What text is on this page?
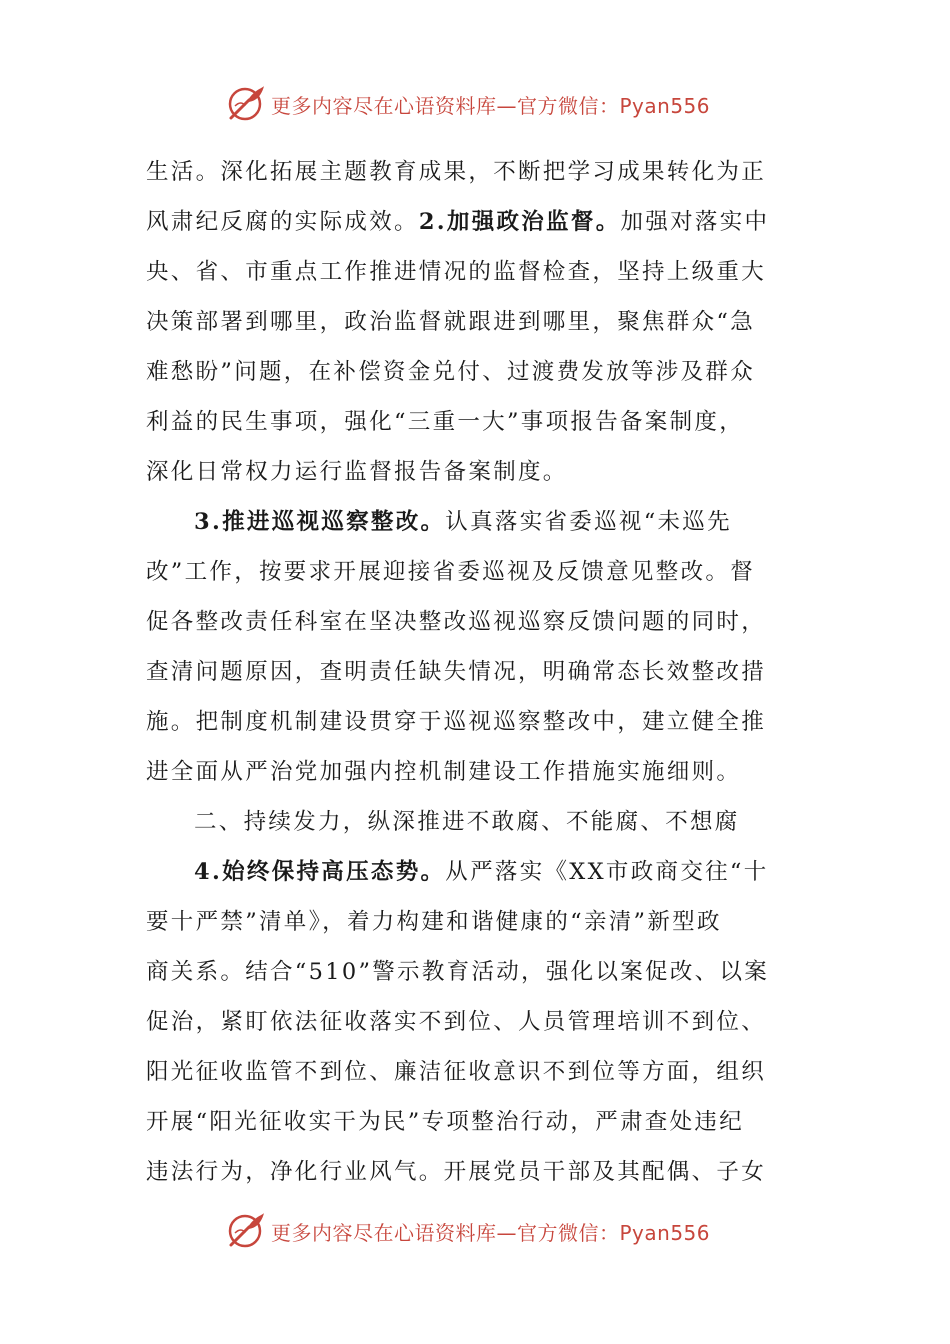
更多内容尽在心语资料库—官方微信：Pyan556
生活。深化拓展主题教育成果，不断把学习成果转化为正
风肃纪反腐的实际成效。2.加强政治监督。加强对落实中
央、省、市重点工作推进情况的监督检查，坚持上级重大
决策部署到哪里，政治监督就跟进到哪里，聚焦群众“急
难愁盼”问题，在补偿资金兑付、过渡费发放等涉及群众
利益的民生事项，强化“三重一大”事项报告备案制度，
深化日常权力运行监督报告备案制度。
3.推进巡视巡察整改。认真落实省委巡视“未巡先
改”工作，按要求开展迎接省委巡视及反馈意见整改。督
促各整改责任科室在坚决整改巡视巡察反馈问题的同时，
查清问题原因，查明责任缺失情况，明确常态长效整改措
施。把制度机制建设贯穿于巡视巡察整改中，建立健全推
进全面从严治党加强内控机制建设工作措施实施细则。
二、持续发力，纵深推进不敢腐、不能腐、不想腐
4.始终保持高压态势。从严落实《XX市政商交往“十
要十严禁”清单》，着力构建和谐健康的“亲清”新型政
商关系。结合“510”警示教育活动，强化以案促改、以案
促治，紧盯依法征收落实不到位、人员管理培训不到位、
阳光征收监管不到位、廉洁征收意识不到位等方面，组织
开展“阳光征收实干为民”专项整治行动，严肃查处违纪
违法行为，净化行业风气。开展党员干部及其配偶、子女
更多内容尽在心语资料库—官方微信：Pyan556
